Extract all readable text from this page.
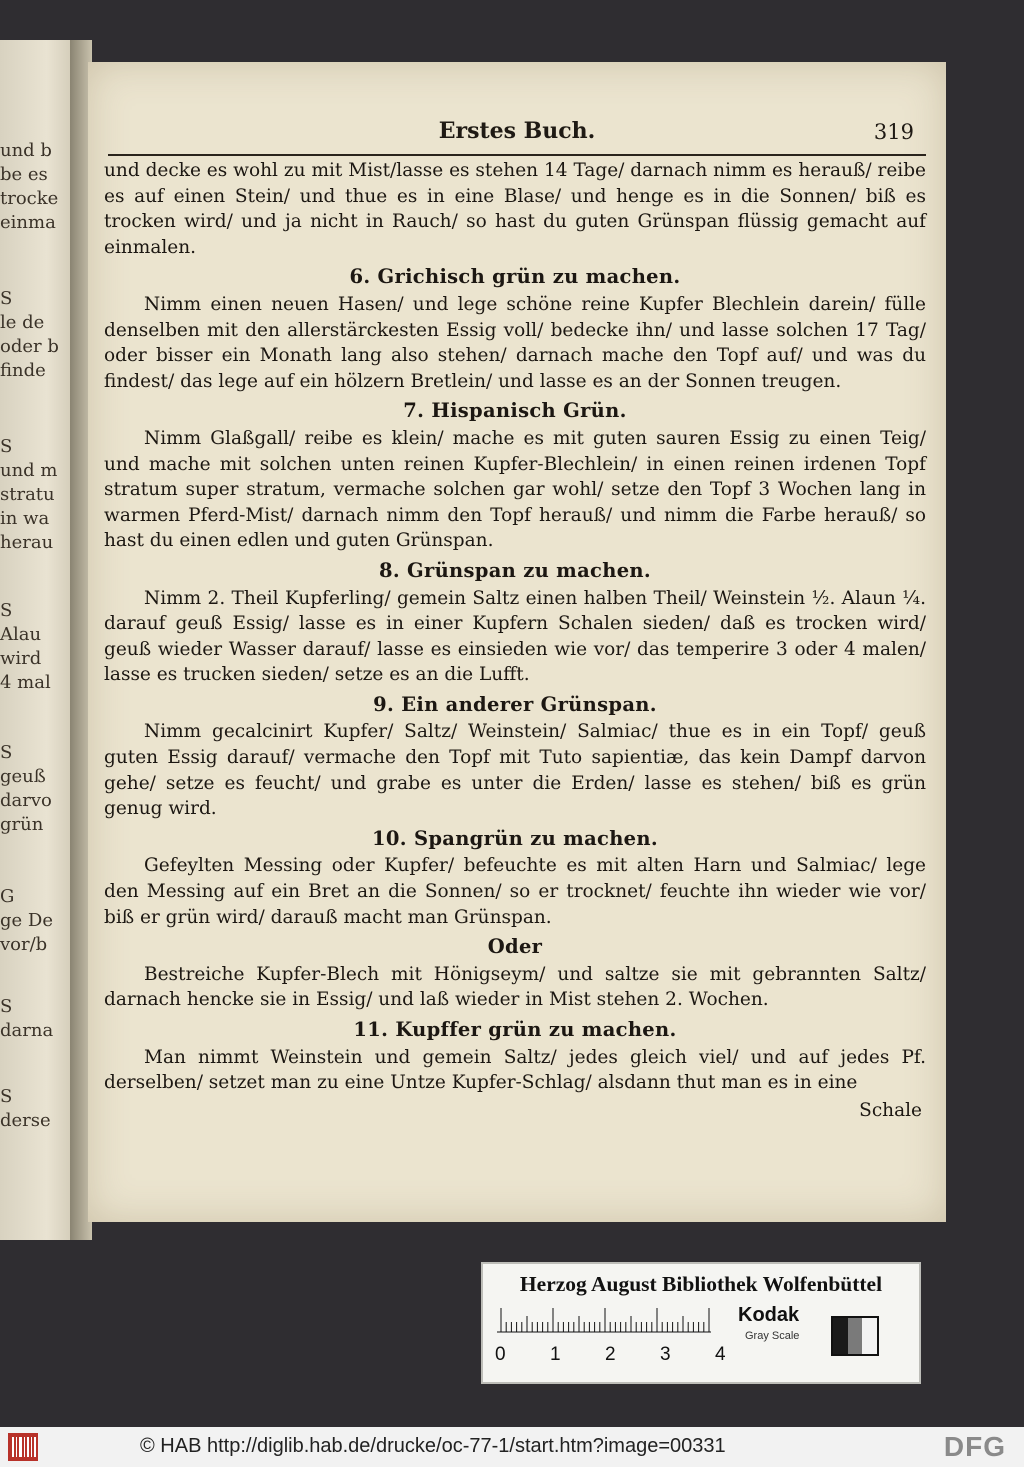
und b
be es
trocke
einma
S
le de
oder b
finde
S
und m
stratu
in wa
herau
S
Alau
wird
4 mal
S
geuß
darvo
grün
G
ge De
vor/b
S
darna
S
derse
Erstes Buch.	319
und decke es wohl zu mit Mist/lasse es stehen 14 Tage/ darnach nimm es herauß/ reibe es auf einen Stein/ und thue es in eine Blase/ und henge es in die Sonnen/ biß es trocken wird/ und ja nicht in Rauch/ so hast du guten Grünspan flüssig gemacht auf einmalen.
6. Grichisch grün zu machen.
Nimm einen neuen Hasen/ und lege schöne reine Kupfer Blechlein darein/ fülle denselben mit den allerstärckesten Essig voll/ bedecke ihn/ und lasse solchen 17 Tag/ oder bisser ein Monath lang also stehen/ darnach mache den Topf auf/ und was du findest/ das lege auf ein hölzern Bretlein/ und lasse es an der Sonnen treugen.
7. Hispanisch Grün.
Nimm Glaßgall/ reibe es klein/ mache es mit guten sauren Essig zu einen Teig/ und mache mit solchen unten reinen Kupfer-Blechlein/ in einen reinen irdenen Topf stratum super stratum, vermache solchen gar wohl/ setze den Topf 3 Wochen lang in warmen Pferd-Mist/ darnach nimm den Topf herauß/ und nimm die Farbe herauß/ so hast du einen edlen und guten Grünspan.
8. Grünspan zu machen.
Nimm 2. Theil Kupferling/ gemein Saltz einen halben Theil/ Weinstein ½. Alaun ¼. darauf geuß Essig/ lasse es in einer Kupfern Schalen sieden/ daß es trocken wird/ geuß wieder Wasser darauf/ lasse es einsieden wie vor/ das temperire 3 oder 4 malen/ lasse es trucken sieden/ setze es an die Lufft.
9. Ein anderer Grünspan.
Nimm gecalcinirt Kupfer/ Saltz/ Weinstein/ Salmiac/ thue es in ein Topf/ geuß guten Essig darauf/ vermache den Topf mit Tuto sapientiæ, das kein Dampf darvon gehe/ setze es feucht/ und grabe es unter die Erden/ lasse es stehen/ biß es grün genug wird.
10. Spangrün zu machen.
Gefeylten Messing oder Kupfer/ befeuchte es mit alten Harn und Salmiac/ lege den Messing auf ein Bret an die Sonnen/ so er trocknet/ feuchte ihn wieder wie vor/ biß er grün wird/ darauß macht man Grünspan.
Oder
Bestreiche Kupfer-Blech mit Hönigseym/ und saltze sie mit gebrannten Saltz/ darnach hencke sie in Essig/ und laß wieder in Mist stehen 2. Wochen.
11. Kupffer grün zu machen.
Man nimmt Weinstein und gemein Saltz/ jedes gleich viel/ und auf jedes Pf. derselben/ setzet man zu eine Untze Kupfer-Schlag/ alsdann thut man es in eine
Schale
Herzog August Bibliothek Wolfenbüttel
Kodak
Gray Scale
0 1 2 3 4
© HAB http://diglib.hab.de/drucke/oc-77-1/start.htm?image=00331	DFG
